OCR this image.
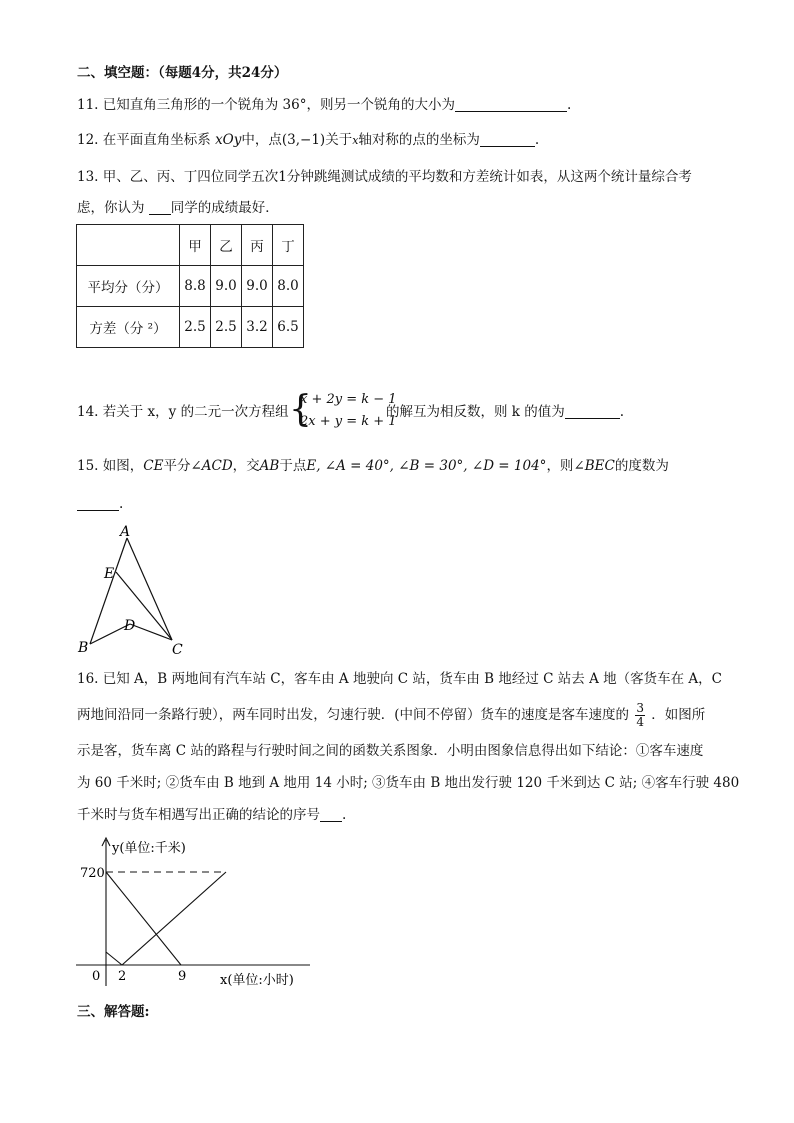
二、填空题：（每题4分，共24分）
11. 已知直角三角形的一个锐角为 36°，则另一个锐角的大小为	.
12. 在平面直角坐标系 xOy中，点(3,−1)关于x轴对称的点的坐标为	.
13. 甲、乙、丙、丁四位同学五次1分钟跳绳测试成绩的平均数和方差统计如表，从这两个统计量综合考
虑，你认为 同学的成绩最好．
	甲	乙	丙	丁
平均分（分）	8.8	9.0	9.0	8.0
方差（分 ²）	2.5	2.5	3.2	6.5
14. 若关于 x，y 的二元一次方程组 {
x + 2y = k − 1
2x + y = k + 1
的解互为相反数，则 k 的值为	.
15. 如图，CE平分∠ACD，交AB于点E, ∠A = 40°, ∠B = 30°, ∠D = 104°，则∠BEC的度数为
.
A
E
D
B	C
16. 已知 A，B 两地间有汽车站 C，客车由 A 地驶向 C 站，货车由 B 地经过 C 站去 A 地（客货车在 A，C
两地间沿同一条路行驶），两车同时出发，匀速行驶．(中间不停留）货车的速度是客车速度的 $\frac{3}{4}$ ．如图所
示是客，货车离 C 站的路程与行驶时间之间的函数关系图象．小明由图象信息得出如下结论：①客车速度
为 60 千米时; ②货车由 B 地到 A 地用 14 小时; ③货车由 B 地出发行驶 120 千米到达 C 站; ④客车行驶 480
千米时与货车相遇写出正确的结论的序号 .
y(单位:千米)
720
0 2	9	x(单位:小时)
三、解答题:
